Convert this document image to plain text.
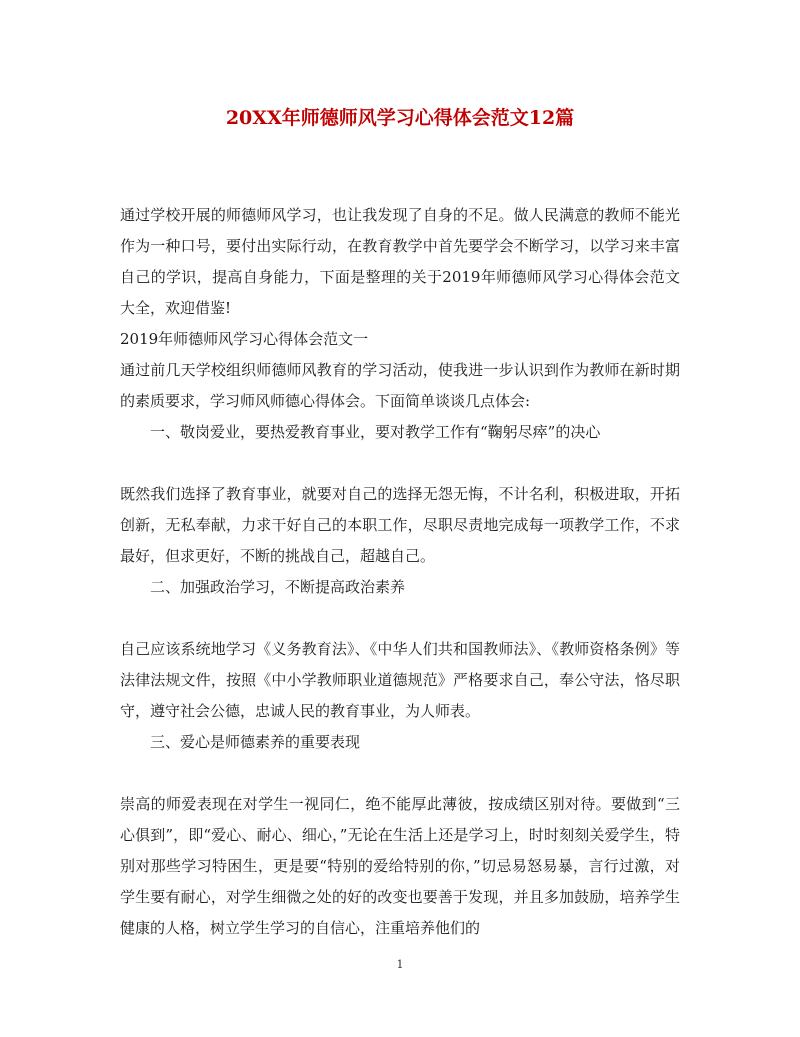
20XX年师德师风学习心得体会范文12篇

通过学校开展的师德师风学习，也让我发现了自身的不足。做人民满意的教师不能光作为一种口号，要付出实际行动，在教育教学中首先要学会不断学习，以学习来丰富自己的学识，提高自身能力，下面是整理的关于2019年师德师风学习心得体会范文大全，欢迎借鉴!

2019年师德师风学习心得体会范文一

通过前几天学校组织师德师风教育的学习活动，使我进一步认识到作为教师在新时期的素质要求，学习师风师德心得体会。下面简单谈谈几点体会:

一、敬岗爱业，要热爱教育事业，要对教学工作有“鞠躬尽瘁”的决心

既然我们选择了教育事业，就要对自己的选择无怨无悔，不计名利，积极进取，开拓创新，无私奉献，力求干好自己的本职工作，尽职尽责地完成每一项教学工作，不求最好，但求更好，不断的挑战自己，超越自己。

二、加强政治学习，不断提高政治素养

自己应该系统地学习《义务教育法》、《中华人们共和国教师法》、《教师资格条例》等法律法规文件，按照《中小学教师职业道德规范》严格要求自己，奉公守法，恪尽职守，遵守社会公德，忠诚人民的教育事业，为人师表。

三、爱心是师德素养的重要表现

崇高的师爱表现在对学生一视同仁，绝不能厚此薄彼，按成绩区别对待。要做到“三心俱到”，即“爱心、耐心、细心，”无论在生活上还是学习上，时时刻刻关爱学生，特别对那些学习特困生，更是要“特别的爱给特别的你，”切忌易怒易暴，言行过激，对学生要有耐心，对学生细微之处的好的改变也要善于发现，并且多加鼓励，培养学生健康的人格，树立学生学习的自信心，注重培养他们的

1
